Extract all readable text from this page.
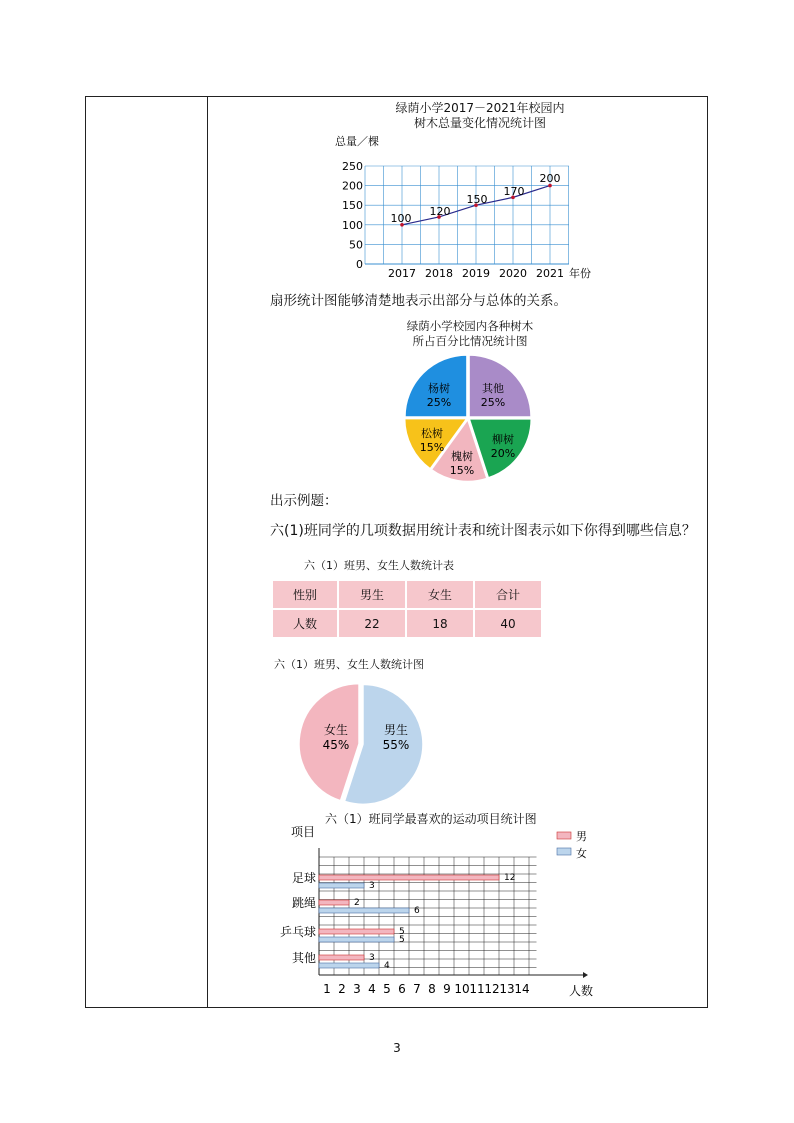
绿荫小学2017－2021年校园内
树木总量变化情况统计图
总量／棵
0
50
100
150
200
250
2017 2018 2019 2020 2021 年份
100
120
150
170
200
扇形统计图能够清楚地表示出部分与总体的关系。
绿荫小学校园内各种树木
所占百分比情况统计图
其他
25%
柳树
20%
槐树
15%
松树
15%
杨树
25%
出示例题：
六(1)班同学的几项数据用统计表和统计图表示如下你得到哪些信息？
六（1）班男、女生人数统计表
性别	男生	女生	合计
人数	22	18	40
六（1）班男、女生人数统计图
男生
55%
女生
45%
六（1）班同学最喜欢的运动项目统计图
项目
12
3
2
6
5
5
3
4
足球
跳绳
乒乓球
其他
1 2 3 4 5 6 7 8 9 10 11 12 13 14	人数
男
女
3
